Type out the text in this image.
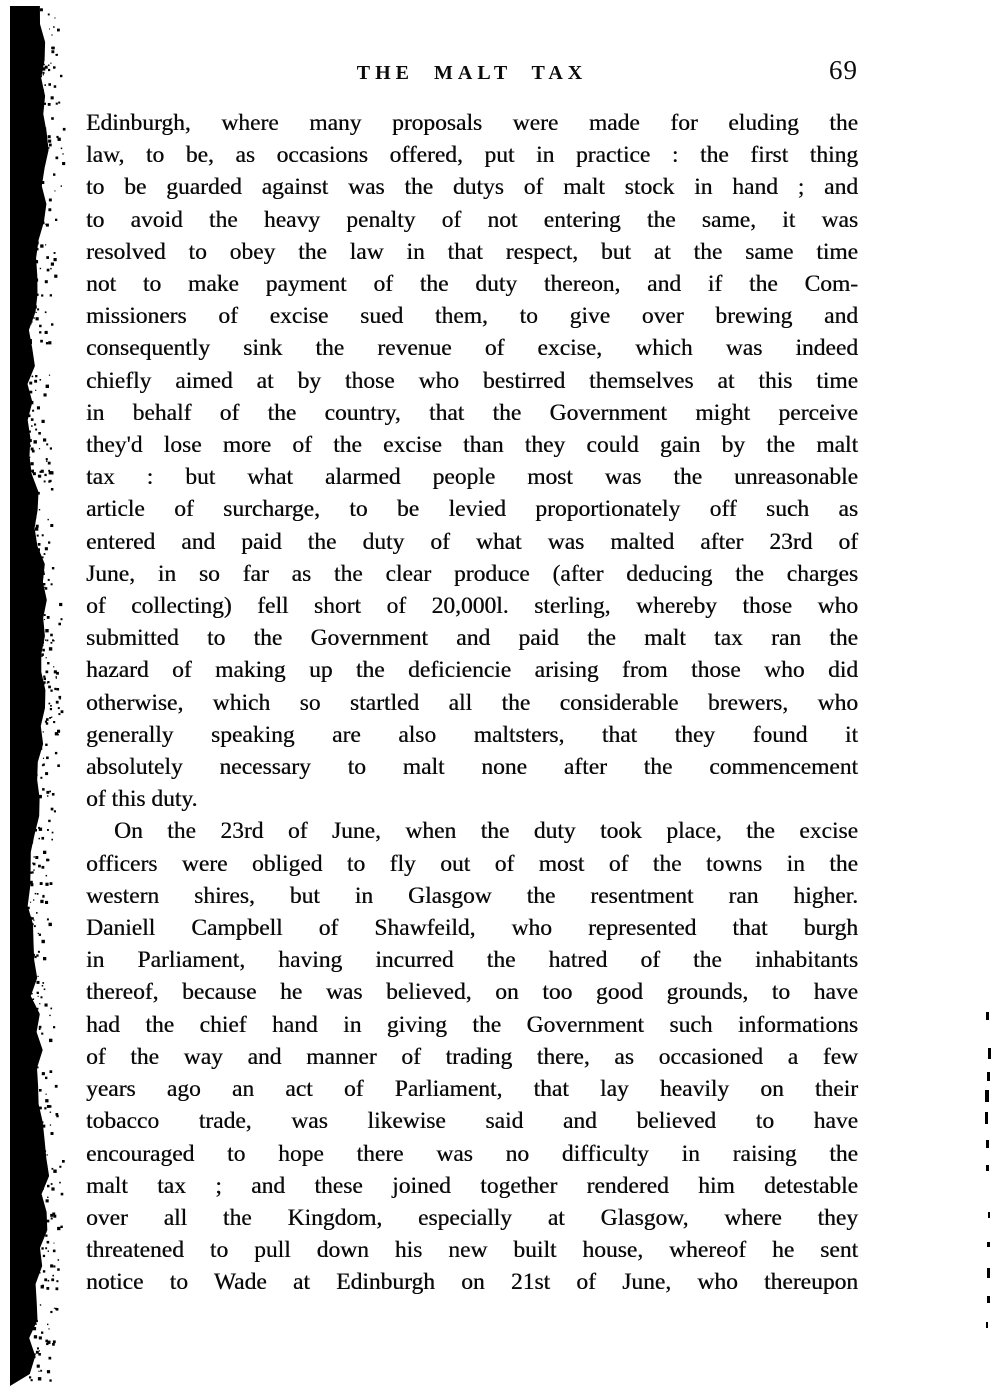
THE MALT TAX	69
Edinburgh, where many proposals were made for eluding the
law, to be, as occasions offered, put in practice : the first thing
to be guarded against was the dutys of malt stock in hand ; and
to avoid the heavy penalty of not entering the same, it was
resolved to obey the law in that respect, but at the same time
not to make payment of the duty thereon, and if the Com-
missioners of excise sued them, to give over brewing and
consequently sink the revenue of excise, which was indeed
chiefly aimed at by those who bestirred themselves at this time
in behalf of the country, that the Government might perceive
they'd lose more of the excise than they could gain by the malt
tax : but what alarmed people most was the unreasonable
article of surcharge, to be levied proportionately off such as
entered and paid the duty of what was malted after 23rd of
June, in so far as the clear produce (after deducing the charges
of collecting) fell short of 20,000l. sterling, whereby those who
submitted to the Government and paid the malt tax ran the
hazard of making up the deficiencie arising from those who did
otherwise, which so startled all the considerable brewers, who
generally speaking are also maltsters, that they found it
absolutely necessary to malt none after the commencement
of this duty.
On the 23rd of June, when the duty took place, the excise
officers were obliged to fly out of most of the towns in the
western shires, but in Glasgow the resentment ran higher.
Daniell Campbell of Shawfeild, who represented that burgh
in Parliament, having incurred the hatred of the inhabitants
thereof, because he was believed, on too good grounds, to have
had the chief hand in giving the Government such informations
of the way and manner of trading there, as occasioned a few
years ago an act of Parliament, that lay heavily on their
tobacco trade, was likewise said and believed to have
encouraged to hope there was no difficulty in raising the
malt tax ; and these joined together rendered him detestable
over all the Kingdom, especially at Glasgow, where they
threatened to pull down his new built house, whereof he sent
notice to Wade at Edinburgh on 21st of June, who thereupon
